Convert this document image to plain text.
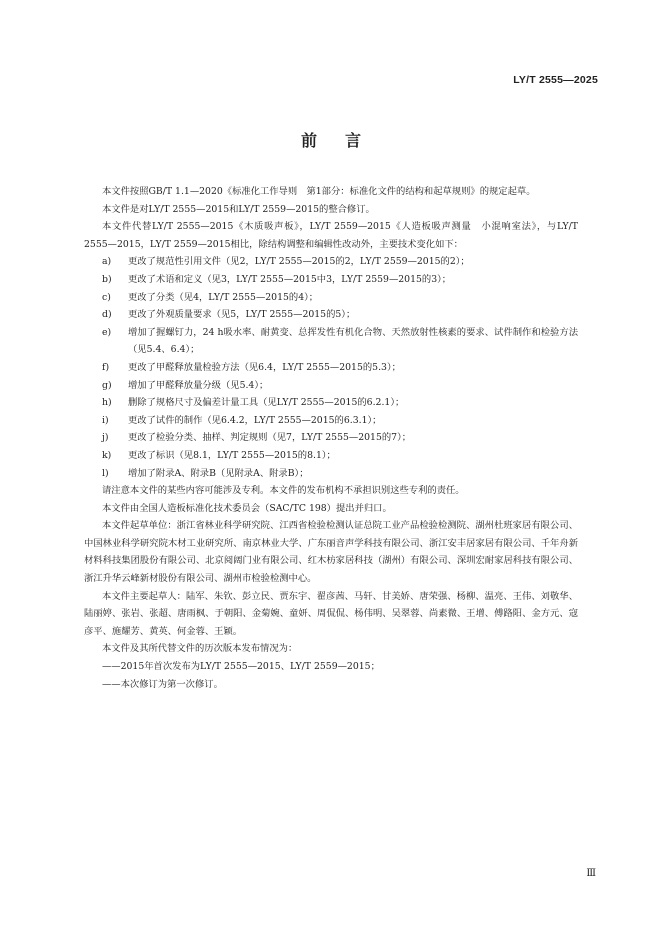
LY/T 2555—2025
前言

本文件按照GB/T 1.1—2020《标准化工作导则　第1部分：标准化文件的结构和起草规则》的规定起草。

本文件是对LY/T 2555—2015和LY/T 2559—2015的整合修订。

本文件代替LY/T 2555—2015《木质吸声板》，LY/T 2559—2015《人造板吸声测量　小混响室法》，与LY/T 2555—2015，LY/T 2559—2015相比，除结构调整和编辑性改动外，主要技术变化如下：

a)	更改了规范性引用文件（见2，LY/T 2555—2015的2，LY/T 2559—2015的2）；
b)	更改了术语和定义（见3，LY/T 2555—2015中3，LY/T 2559—2015的3）；
c)	更改了分类（见4，LY/T 2555—2015的4）；
d)	更改了外观质量要求（见5，LY/T 2555—2015的5）；
e)	增加了握螺钉力，24 h吸水率、耐黄变、总挥发性有机化合物、天然放射性核素的要求、试件制作和检验方法（见5.4、6.4）；
f)	更改了甲醛释放量检验方法（见6.4，LY/T 2555—2015的5.3）；
g)	增加了甲醛释放量分级（见5.4）；
h)	删除了规格尺寸及偏差计量工具（见LY/T 2555—2015的6.2.1）；
i)	更改了试件的制作（见6.4.2，LY/T 2555—2015的6.3.1）；
j)	更改了检验分类、抽样、判定规则（见7，LY/T 2555—2015的7）；
k)	更改了标识（见8.1，LY/T 2555—2015的8.1）；
l)	增加了附录A、附录B（见附录A、附录B）；

请注意本文件的某些内容可能涉及专利。本文件的发布机构不承担识别这些专利的责任。

本文件由全国人造板标准化技术委员会（SAC/TC 198）提出并归口。

本文件起草单位：浙江省林业科学研究院、江西省检验检测认证总院工业产品检验检测院、湖州杜班家居有限公司、中国林业科学研究院木材工业研究所、南京林业大学、广东丽音声学科技有限公司、浙江安丰居家居有限公司、千年舟新材料科技集团股份有限公司、北京阅阔门业有限公司、红木枋家居科技（湖州）有限公司、深圳宏耐家居科技有限公司、浙江升华云峰新材股份有限公司、湖州市检验检测中心。

本文件主要起草人：陆军、朱钦、彭立民、贾东宇、翟彦茜、马轩、甘美娇、唐荣强、杨柳、温亮、王伟、刘敬华、陆丽婷、张岩、张超、唐雨枫、于朝阳、金菊婉、童妍、周侃侃、杨伟明、吴翠蓉、尚素微、王增、傅路阳、金方元、寇彦平、施耀芳、黄英、何金蓉、王颖。

本文件及其所代替文件的历次版本发布情况为：

——2015年首次发布为LY/T 2555—2015、LY/T 2559—2015；

——本次修订为第一次修订。

Ⅲ
